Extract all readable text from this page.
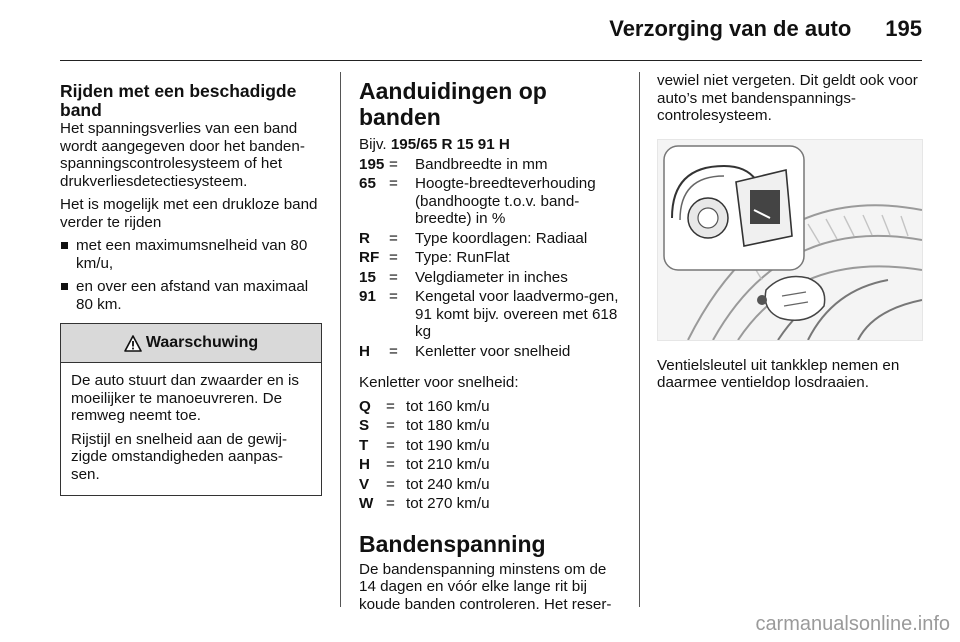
Verzorging van de auto 195
Rijden met een beschadigde band

Het spanningsverlies van een band wordt aangegeven door het banden-spanningscontrolesysteem of het drukverliesdetectiesysteem.

Het is mogelijk met een drukloze band verder te rijden

met een maximumsnelheid van 80 km/u,
en over een afstand van maximaal 80 km.
Waarschuwing

De auto stuurt dan zwaarder en is moeilijker te manoeuvreren. De remweg neemt toe.

Rijstijl en snelheid aan de gewij-zigde omstandigheden aanpas-sen.

Aanduidingen op banden

Bijv. 195/65 R 15 91 H

195 =	Bandbreedte in mm
65 =	Hoogte-breedteverhouding (bandhoogte t.o.v. band-breedte) in %
R	=	Type koordlagen: Radiaal
RF =	Type: RunFlat
15 =	Velgdiameter in inches
91 =	Kengetal voor laadvermo-gen, 91 komt bijv. overeen met 618 kg
H	=	Kenletter voor snelheid

Kenletter voor snelheid:

Q = tot 160 km/u
S	= tot 180 km/u
T	= tot 190 km/u
H	= tot 210 km/u
V	= tot 240 km/u
W = tot 270 km/u
Bandenspanning

De bandenspanning minstens om de 14 dagen en vóór elke lange rit bij koude banden controleren. Het reser-

vewiel niet vergeten. Dit geldt ook voor auto’s met bandenspannings-controlesysteem.

Ventielsleutel uit tankklep nemen en daarmee ventieldop losdraaien.

carmanualsonline.info
